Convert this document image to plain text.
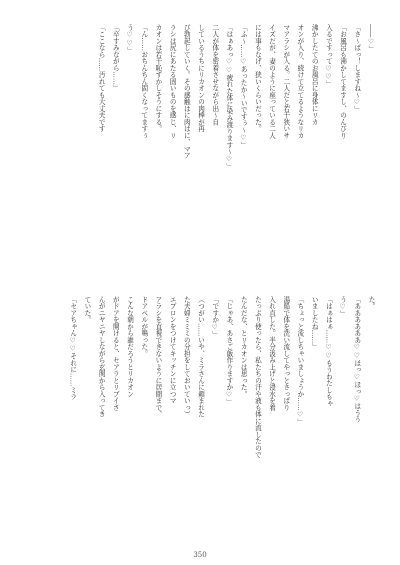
――♡」
「さ～ぱっ！しますね～♡」
「お風呂も沸かしてますし、のんびり
入るですって♡♡」
沸かしたてのお風呂に身体にリカ
オンが入り、続けて立てるようなリカ
マアラシが入る。二人だと若干狭いサ
イズだが、妻のように座っている二人
には事もなげ、狭いくらいだった。
「ふ～……♡あったか～いですぅ～♡」
「はぁあっ♡♡疲れた体に染み渡ります～♡」
二人が体を密着させながら出～自
しているうちにリカオンの肉棒が再
び勃起していく。その感触はに肉はに、マア
ラシは尻にあたる固いものを感じ、リ
カオンは若干恥ずかしそうにする。
「ん……おちんちん固くなってますぅ
う♡♡」
「卒すみながら……」
「ここなら……汚れても大丈夫です
た。
「ああああああ♡♡ほっ♡ほっ♡はうう
う♡」
「はぁはぁ……♡♡もうわたしもゃ
いましたね……」
「ちょっと流しちゃいましょうか……♡」
湯船で体を洗い流してやっとさっぱり
入れ直した。半分汲み上げと浸水を着
たっぷり使ったら、私たちの汗や液も体に流したので
たんだな、とリカオンは思った。
「じゃあ、あさご飯作りますか♡」
「ですか♡」
（つがい……いや、ミラさんに頼まれた
た夫婦ミミミの分担をしておいていっ）
エプロンをつけてキッチンに立つマ
アラシを直視できないように居間まで、
ドアベルが鳴った。
こんな朝から誰だろうとリカオン
がドアを開けると、セアラとリブイさ
んがニヤニヤしながら玄関から入ってき
ていた。
「セアちゃん♡♡それに……ミラ
350
